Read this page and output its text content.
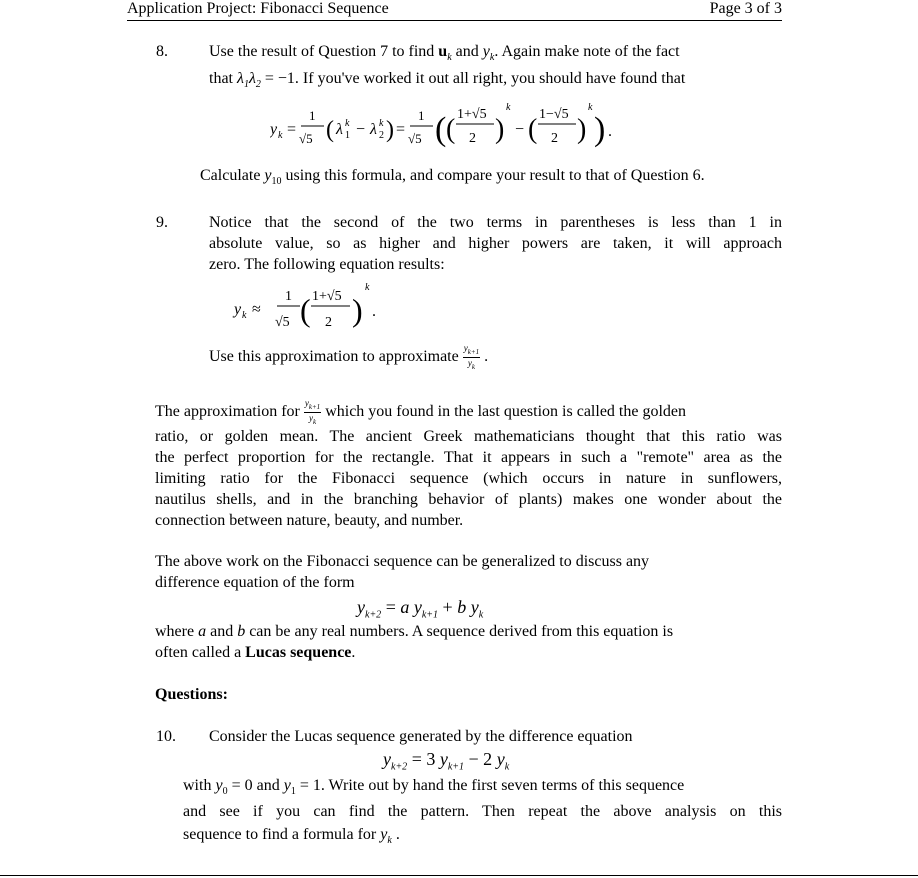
Application Project: Fibonacci Sequence	Page 3 of 3
8.	Use the result of Question 7 to find $u_k$ and $y_k$. Again make note of the fact
that $\lambda_1\lambda_2 = -1$. If you've worked it out all right, you should have found that
y k =
1
√5 ( λ k
1 − λ k
2 ) =
1
√5 ( ( 1+√5
2 )
k
− ( 1−√5
2 )
k
) .
Calculate $y_{10}$ using this formula, and compare your result to that of Question 6.
9.	Notice that the second of the two terms in parentheses is less than 1 in
absolute value, so as higher and higher powers are taken, it will approach
zero. The following equation results:
y k ≈
1
√5 ( 1+√5
2 )
k
.
Use this approximation to approximate $\frac{y_{k+1}}{y_k}$ .
The approximation for $\frac{y_{k+1}}{y_k}$ which you found in the last question is called the golden
ratio, or golden mean. The ancient Greek mathematicians thought that this ratio was
the perfect proportion for the rectangle. That it appears in such a "remote" area as the
limiting ratio for the Fibonacci sequence (which occurs in nature in sunflowers,
nautilus shells, and in the branching behavior of plants) makes one wonder about the
connection between nature, beauty, and number.
The above work on the Fibonacci sequence can be generalized to discuss any
difference equation of the form
$y_{k+2} = a$ $y_{k+1} + b$ $y_k$
where a and b can be any real numbers. A sequence derived from this equation is
often called a Lucas sequence.
Questions:
10. Consider the Lucas sequence generated by the difference equation
$y_{k+2} = 3$ $y_{k+1} - 2$ $y_k$
with $y_0 = 0$ and $y_1 = 1$. Write out by hand the first seven terms of this sequence
and see if you can find the pattern. Then repeat the above analysis on this
sequence to find a formula for $y_k$ .
